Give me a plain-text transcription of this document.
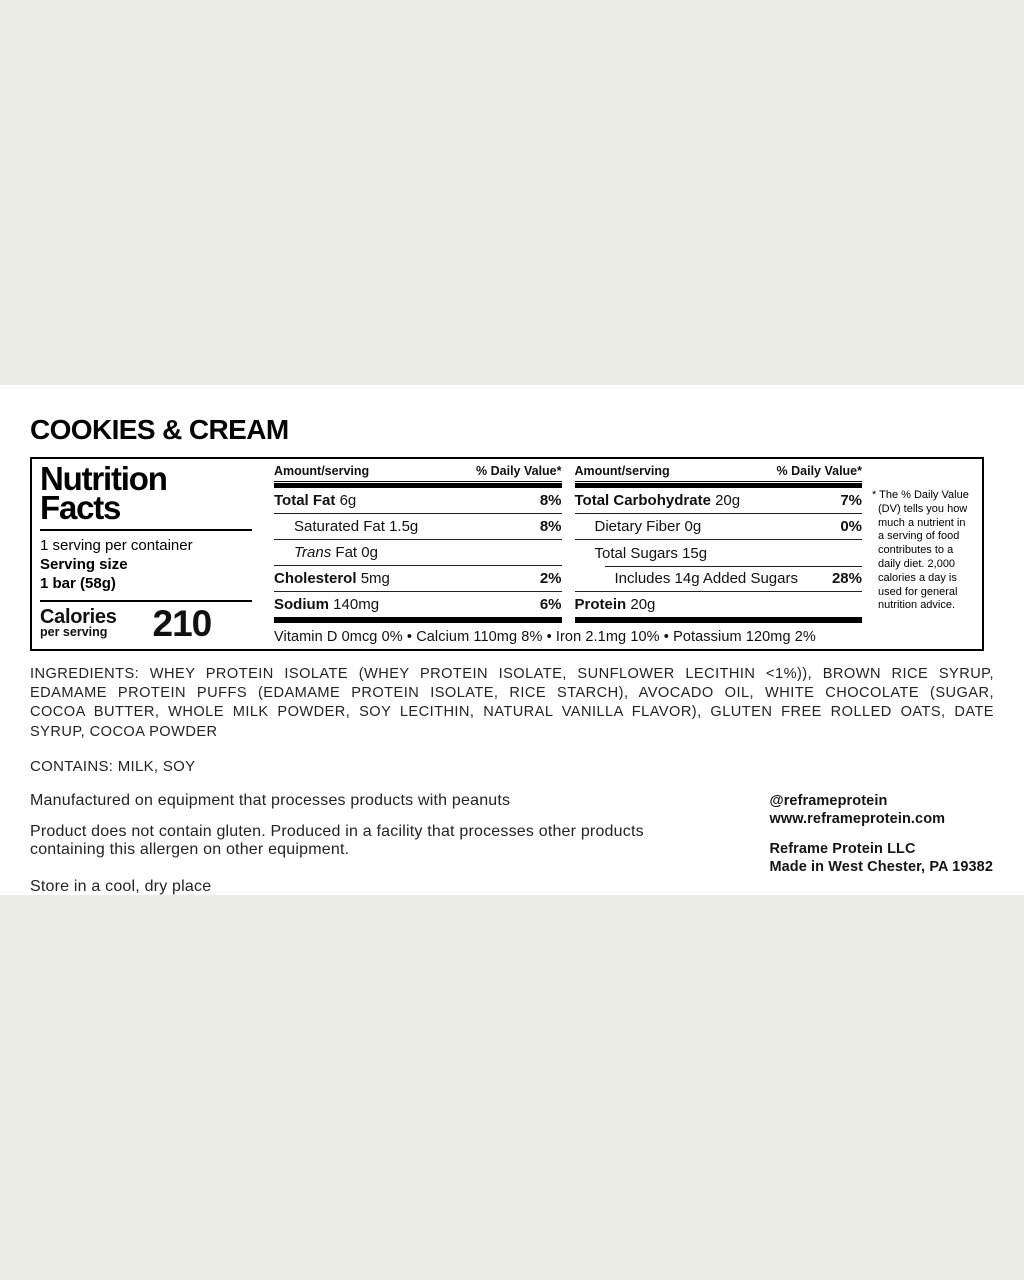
COOKIES & CREAM
Nutrition
Facts
1 serving per container
Serving size
1 bar (58g)
Calories
per serving 210
Amount/serving	% Daily Value*
Total Fat 6g	8%
Saturated Fat 1.5g	8%
Trans Fat 0g
Cholesterol 5mg	2%
Sodium 140mg	6%
Amount/serving	% Daily Value*
Total Carbohydrate 20g	7%
Dietary Fiber 0g	0%
Total Sugars 15g
Includes 14g Added Sugars 28%
Protein 20g
Vitamin D 0mcg 0% • Calcium 110mg 8% • Iron 2.1mg 10% • Potassium 120mg 2%
* The % Daily Value (DV) tells you how much a nutrient in a serving of food contributes to a daily diet. 2,000 calories a day is used for general nutrition advice.
INGREDIENTS: WHEY PROTEIN ISOLATE (WHEY PROTEIN ISOLATE, SUNFLOWER LECITHIN <1%)), BROWN RICE SYRUP,
EDAMAME PROTEIN PUFFS (EDAMAME PROTEIN ISOLATE, RICE STARCH), AVOCADO OIL, WHITE CHOCOLATE (SUGAR,
COCOA BUTTER, WHOLE MILK POWDER, SOY LECITHIN, NATURAL VANILLA FLAVOR), GLUTEN FREE ROLLED OATS, DATE
SYRUP, COCOA POWDER
CONTAINS: MILK, SOY
Manufactured on equipment that processes products with peanuts
Product does not contain gluten. Produced in a facility that processes other products containing this allergen on other equipment.
Store in a cool, dry place
@reframeprotein
www.reframeprotein.com
Reframe Protein LLC
Made in West Chester, PA 19382
